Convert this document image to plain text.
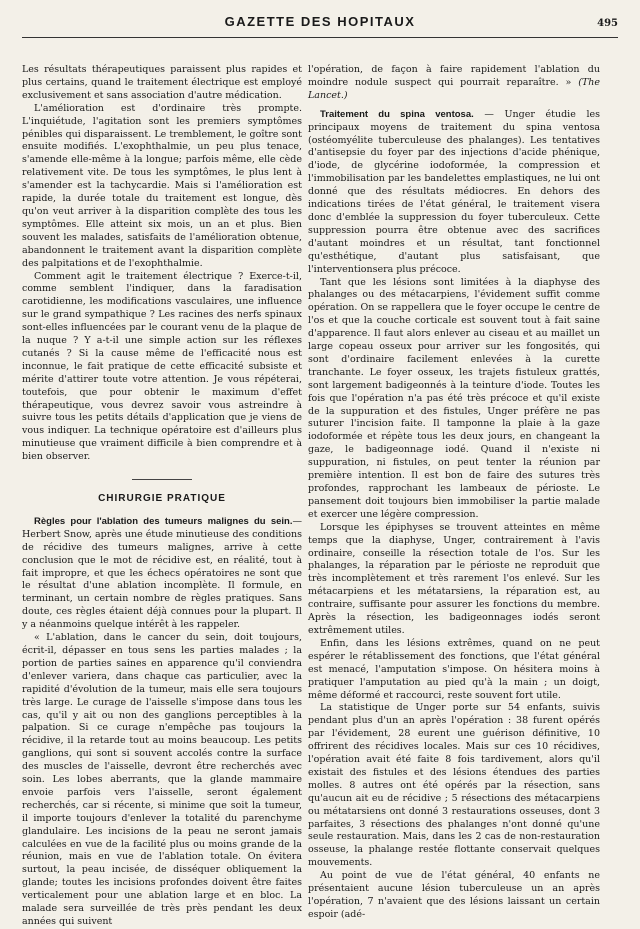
GAZETTE DES HOPITAUX	495

Les résultats thérapeutiques paraissent plus rapides et plus certains, quand le traitement électrique est employé exclusivement et sans association d'autre médication.

L'amélioration est d'ordinaire très prompte. L'inquiétude, l'agitation sont les premiers symptômes pénibles qui disparaissent. Le tremblement, le goître sont ensuite modifiés. L'exophthalmie, un peu plus tenace, s'amende elle-même à la longue; parfois même, elle cède relativement vite. De tous les symptômes, le plus lent à s'amender est la tachycardie. Mais si l'amélioration est rapide, la durée totale du traitement est longue, dès qu'on veut arriver à la disparition complète des tous les symptômes. Elle atteint six mois, un an et plus. Bien souvent les malades, satisfaits de l'amélioration obtenue, abandonnent le traitement avant la disparition complète des palpitations et de l'exophthalmie.

Comment agit le traitement électrique ? Exerce-t-il, comme semblent l'indiquer, dans la faradisation carotidienne, les modifications vasculaires, une influence sur le grand sympathique ? Les racines des nerfs spinaux sont-elles influencées par le courant venu de la plaque de la nuque ? Y a-t-il une simple action sur les réflexes cutanés ? Si la cause même de l'efficacité nous est inconnue, le fait pratique de cette efficacité subsiste et mérite d'attirer toute votre attention. Je vous répéterai, toutefois, que pour obtenir le maximum d'effet thérapeutique, vous devrez savoir vous astreindre à suivre tous les petits détails d'application que je viens de vous indiquer. La technique opératoire est d'ailleurs plus minutieuse que vraiment difficile à bien comprendre et à bien observer.

CHIRURGIE PRATIQUE

Règles pour l'ablation des tumeurs malignes du sein.— Herbert Snow, après une étude minutieuse des conditions de récidive des tumeurs malignes, arrive à cette conclusion que le mot de récidive est, en réalité, tout à fait impropre, et que les échecs opératoires ne sont que le résultat d'une ablation incomplète. Il formule, en terminant, un certain nombre de règles pratiques. Sans doute, ces règles étaient déjà connues pour la plupart. Il y a néanmoins quelque intérêt à les rappeler.

« L'ablation, dans le cancer du sein, doit toujours, écrit-il, dépasser en tous sens les parties malades ; la portion de parties saines en apparence qu'il conviendra d'enlever variera, dans chaque cas particulier, avec la rapidité d'évolution de la tumeur, mais elle sera toujours très large. Le curage de l'aisselle s'impose dans tous les cas, qu'il y ait ou non des ganglions perceptibles à la palpation. Si ce curage n'empêche pas toujours la récidive, il la retarde tout au moins beaucoup. Les petits ganglions, qui sont si souvent accolés contre la surface des muscles de l'aisselle, devront être recherchés avec soin. Les lobes aberrants, que la glande mammaire envoie parfois vers l'aisselle, seront également recherchés, car si récente, si minime que soit la tumeur, il importe toujours d'enlever la totalité du parenchyme glandulaire. Les incisions de la peau ne seront jamais calculées en vue de la facilité plus ou moins grande de la réunion, mais en vue de l'ablation totale. On évitera surtout, la peau incisée, de disséquer obliquement la glande; toutes les incisions profondes doivent être faites verticalement pour une ablation large et en bloc. La malade sera surveillée de très près pendant les deux années qui suivent

l'opération, de façon à faire rapidement l'ablation du moindre nodule suspect qui pourrait reparaître. » (The Lancet.)

Traitement du spina ventosa. — Unger étudie les principaux moyens de traitement du spina ventosa (ostéomyélite tuberculeuse des phalanges). Les tentatives d'antisepsie du foyer par des injections d'acide phénique, d'iode, de glycérine iodoformée, la compression et l'immobilisation par les bandelettes emplastiques, ne lui ont donné que des résultats médiocres. En dehors des indications tirées de l'état général, le traitement visera donc d'emblée la suppression du foyer tuberculeux. Cette suppression pourra être obtenue avec des sacrifices d'autant moindres et un résultat, tant fonctionnel qu'esthétique, d'autant plus satisfaisant, que l'interventionsera plus précoce.

Tant que les lésions sont limitées à la diaphyse des phalanges ou des métacarpiens, l'évidement suffit comme opération. On se rappellera que le foyer occupe le centre de l'os et que la couche corticale est souvent tout à fait saine d'apparence. Il faut alors enlever au ciseau et au maillet un large copeau osseux pour arriver sur les fongosités, qui sont d'ordinaire facilement enlevées à la curette tranchante. Le foyer osseux, les trajets fistuleux grattés, sont largement badigeonnés à la teinture d'iode. Toutes les fois que l'opération n'a pas été très précoce et qu'il existe de la suppuration et des fistules, Unger préfère ne pas suturer l'incision faite. Il tamponne la plaie à la gaze iodoformée et répète tous les deux jours, en changeant la gaze, le badigeonnage iodé. Quand il n'existe ni suppuration, ni fistules, on peut tenter la réunion par première intention. Il est bon de faire des sutures très profondes, rapprochant les lambeaux de périoste. Le pansement doit toujours bien immobiliser la partie malade et exercer une légère compression.

Lorsque les épiphyses se trouvent atteintes en même temps que la diaphyse, Unger, contrairement à l'avis ordinaire, conseille la résection totale de l'os. Sur les phalanges, la réparation par le périoste ne reproduit que très incomplètement et très rarement l'os enlevé. Sur les métacarpiens et les métatarsiens, la réparation est, au contraire, suffisante pour assurer les fonctions du membre. Après la résection, les badigeonnages iodés seront extrêmement utiles.

Enfin, dans les lésions extrêmes, quand on ne peut espérer le rétablissement des fonctions, que l'état général est menacé, l'amputation s'impose. On hésitera moins à pratiquer l'amputation au pied qu'à la main ; un doigt, même déformé et raccourci, reste souvent fort utile.

La statistique de Unger porte sur 54 enfants, suivis pendant plus d'un an après l'opération : 38 furent opérés par l'évidement, 28 eurent une guérison définitive, 10 offrirent des récidives locales. Mais sur ces 10 récidives, l'opération avait été faite 8 fois tardivement, alors qu'il existait des fistules et des lésions étendues des parties molles. 8 autres ont été opérés par la résection, sans qu'aucun ait eu de récidive ; 5 résections des métacarpiens ou métatarsiens ont donné 3 restaurations osseuses, dont 3 parfaites, 3 résections des phalanges n'ont donné qu'une seule restauration. Mais, dans les 2 cas de non-restauration osseuse, la phalange restée flottante conservait quelques mouvements.

Au point de vue de l'état général, 40 enfants ne présentaient aucune lésion tuberculeuse un an après l'opération, 7 n'avaient que des lésions laissant un certain espoir (adé-
